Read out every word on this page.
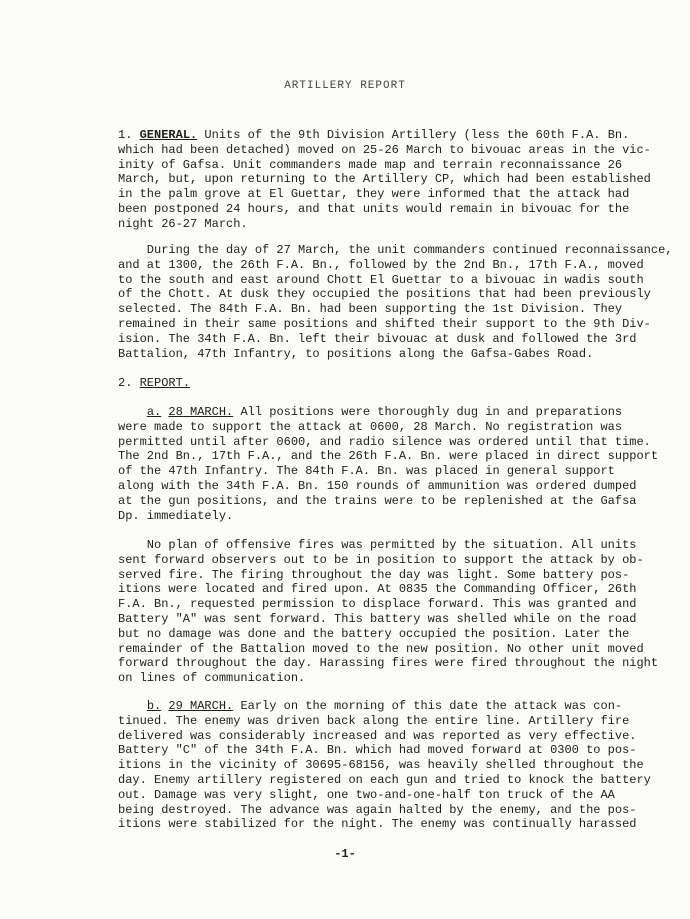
ARTILLERY REPORT

1. GENERAL. Units of the 9th Division Artillery (less the 60th F.A. Bn.
which had been detached) moved on 25-26 March to bivouac areas in the vic-
inity of Gafsa. Unit commanders made map and terrain reconnaissance 26
March, but, upon returning to the Artillery CP, which had been established
in the palm grove at El Guettar, they were informed that the attack had
been postponed 24 hours, and that units would remain in bivouac for the
night 26-27 March.

During the day of 27 March, the unit commanders continued reconnaissance,
and at 1300, the 26th F.A. Bn., followed by the 2nd Bn., 17th F.A., moved
to the south and east around Chott El Guettar to a bivouac in wadis south
of the Chott. At dusk they occupied the positions that had been previously
selected. The 84th F.A. Bn. had been supporting the 1st Division. They
remained in their same positions and shifted their support to the 9th Div-
ision. The 34th F.A. Bn. left their bivouac at dusk and followed the 3rd
Battalion, 47th Infantry, to positions along the Gafsa-Gabes Road.

2. REPORT.

a. 28 MARCH. All positions were thoroughly dug in and preparations
were made to support the attack at 0600, 28 March. No registration was
permitted until after 0600, and radio silence was ordered until that time.
The 2nd Bn., 17th F.A., and the 26th F.A. Bn. were placed in direct support
of the 47th Infantry. The 84th F.A. Bn. was placed in general support
along with the 34th F.A. Bn. 150 rounds of ammunition was ordered dumped
at the gun positions, and the trains were to be replenished at the Gafsa
Dp. immediately.

No plan of offensive fires was permitted by the situation. All units
sent forward observers out to be in position to support the attack by ob-
served fire. The firing throughout the day was light. Some battery pos-
itions were located and fired upon. At 0835 the Commanding Officer, 26th
F.A. Bn., requested permission to displace forward. This was granted and
Battery "A" was sent forward. This battery was shelled while on the road
but no damage was done and the battery occupied the position. Later the
remainder of the Battalion moved to the new position. No other unit moved
forward throughout the day. Harassing fires were fired throughout the night
on lines of communication.

b. 29 MARCH. Early on the morning of this date the attack was con-
tinued. The enemy was driven back along the entire line. Artillery fire
delivered was considerably increased and was reported as very effective.
Battery "C" of the 34th F.A. Bn. which had moved forward at 0300 to pos-
itions in the vicinity of 30695-68156, was heavily shelled throughout the
day. Enemy artillery registered on each gun and tried to knock the battery
out. Damage was very slight, one two-and-one-half ton truck of the AA
being destroyed. The advance was again halted by the enemy, and the pos-
itions were stabilized for the night. The enemy was continually harassed

-1-
